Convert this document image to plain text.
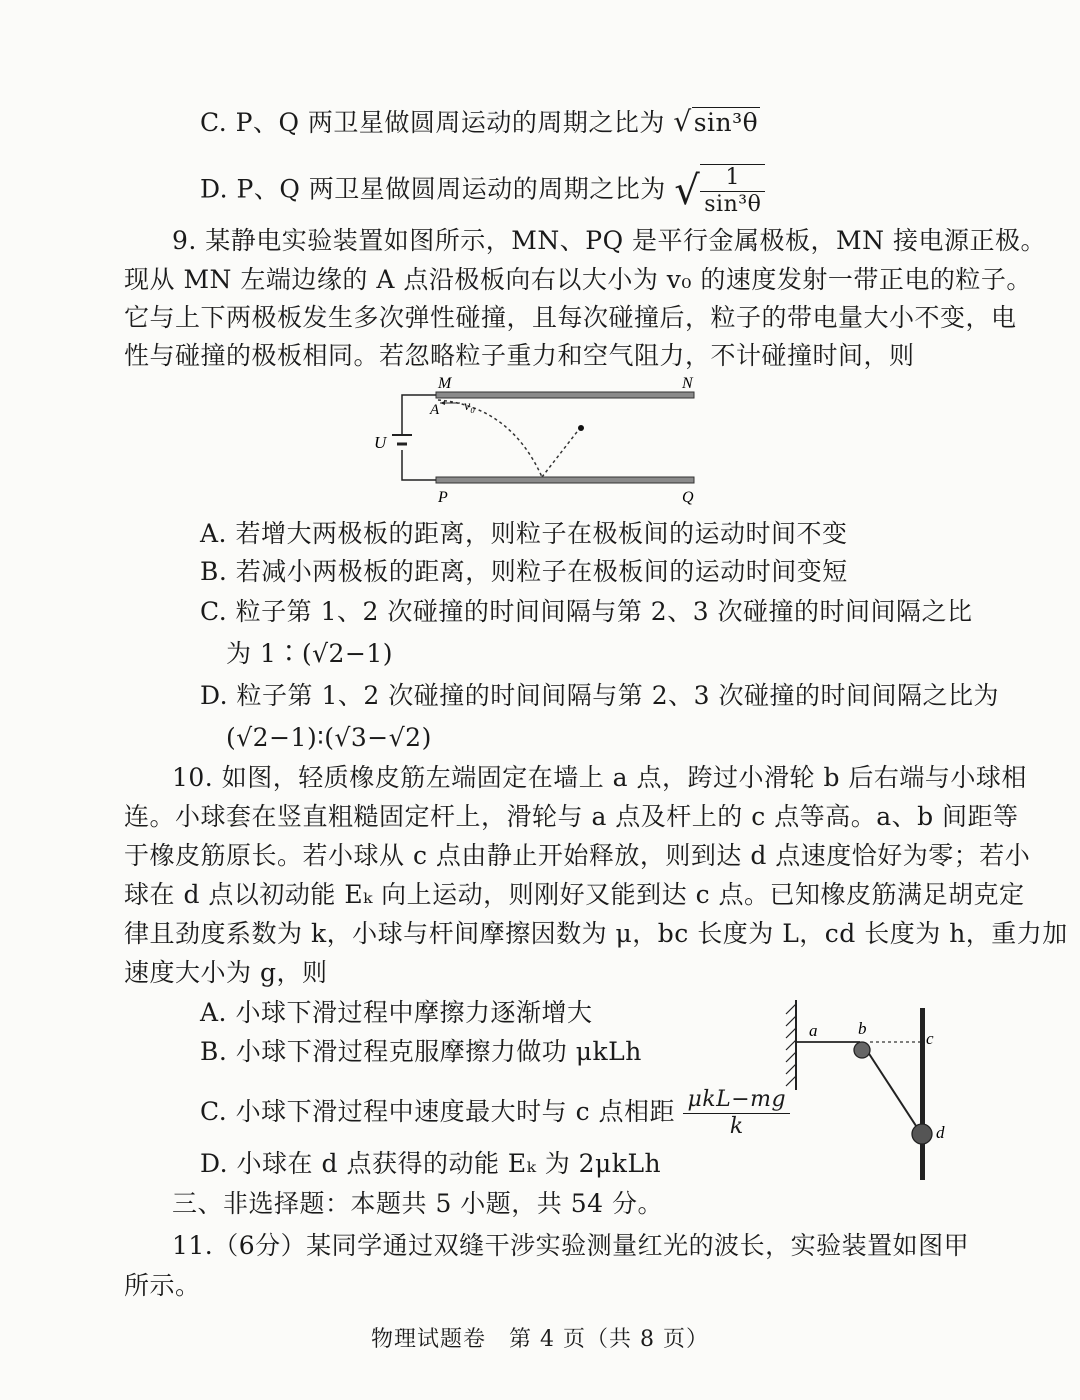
C. P、Q 两卫星做圆周运动的周期之比为 √sin³θ
D. P、Q 两卫星做圆周运动的周期之比为 √ $\frac{1}{\text{sin³θ}}$
9. 某静电实验装置如图所示，MN、PQ 是平行金属极板，MN 接电源正极。
现从 MN 左端边缘的 A 点沿极板向右以大小为 v₀ 的速度发射一带正电的粒子。
它与上下两极板发生多次弹性碰撞，且每次碰撞后，粒子的带电量大小不变，电
性与碰撞的极板相同。若忽略粒子重力和空气阻力，不计碰撞时间，则
M	N
P	Q
A v₀
U
A. 若增大两极板的距离，则粒子在极板间的运动时间不变
B. 若减小两极板的距离，则粒子在极板间的运动时间变短
C. 粒子第 1、2 次碰撞的时间间隔与第 2、3 次碰撞的时间间隔之比
为 1∶(√2−1)
D. 粒子第 1、2 次碰撞的时间间隔与第 2、3 次碰撞的时间间隔之比为
(√2−1)∶(√3−√2)
10. 如图，轻质橡皮筋左端固定在墙上 a 点，跨过小滑轮 b 后右端与小球相
连。小球套在竖直粗糙固定杆上，滑轮与 a 点及杆上的 c 点等高。a、b 间距等
于橡皮筋原长。若小球从 c 点由静止开始释放，则到达 d 点速度恰好为零；若小
球在 d 点以初动能 Eₖ 向上运动，则刚好又能到达 c 点。已知橡皮筋满足胡克定
律且劲度系数为 k，小球与杆间摩擦因数为 μ，bc 长度为 L，cd 长度为 h，重力加
速度大小为 g，则
A. 小球下滑过程中摩擦力逐渐增大
B. 小球下滑过程克服摩擦力做功 μkLh
C. 小球下滑过程中速度最大时与 c 点相距 $\frac{\text{μkL−mg}}{k}$
D. 小球在 d 点获得的动能 Eₖ 为 2μkLh
a b
c
d
三、非选择题：本题共 5 小题，共 54 分。
11.（6分）某同学通过双缝干涉实验测量红光的波长，实验装置如图甲
所示。
物理试题卷　第 4 页（共 8 页）
